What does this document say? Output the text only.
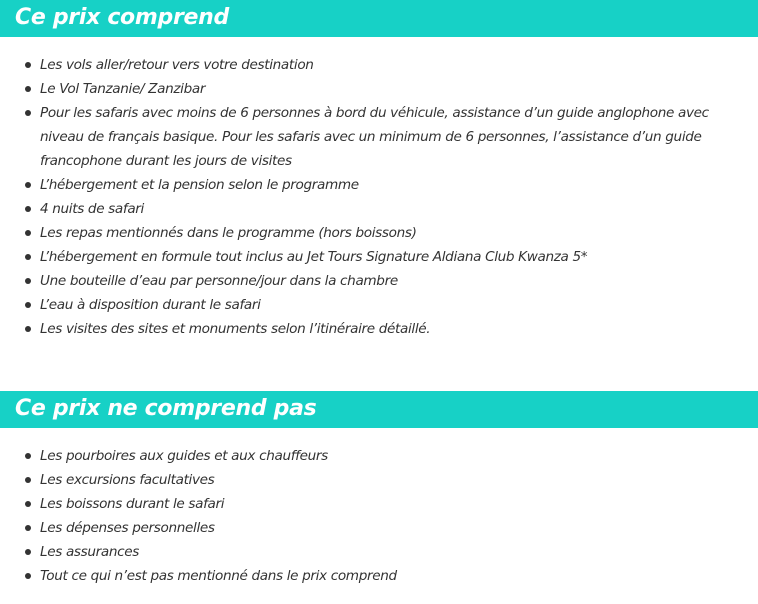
Ce prix comprend
Les vols aller/retour vers votre destination
Le Vol Tanzanie/ Zanzibar
Pour les safaris avec moins de 6 personnes à bord du véhicule, assistance d’un guide anglophone avec niveau de français basique. Pour les safaris avec un minimum de 6 personnes, l’assistance d’un guide francophone durant les jours de visites
L’hébergement et la pension selon le programme
4 nuits de safari
Les repas mentionnés dans le programme (hors boissons)
L’hébergement en formule tout inclus au Jet Tours Signature Aldiana Club Kwanza 5*
Une bouteille d’eau par personne/jour dans la chambre
L’eau à disposition durant le safari
Les visites des sites et monuments selon l’itinéraire détaillé.
Ce prix ne comprend pas
Les pourboires aux guides et aux chauffeurs
Les excursions facultatives
Les boissons durant le safari
Les dépenses personnelles
Les assurances
Tout ce qui n’est pas mentionné dans le prix comprend
